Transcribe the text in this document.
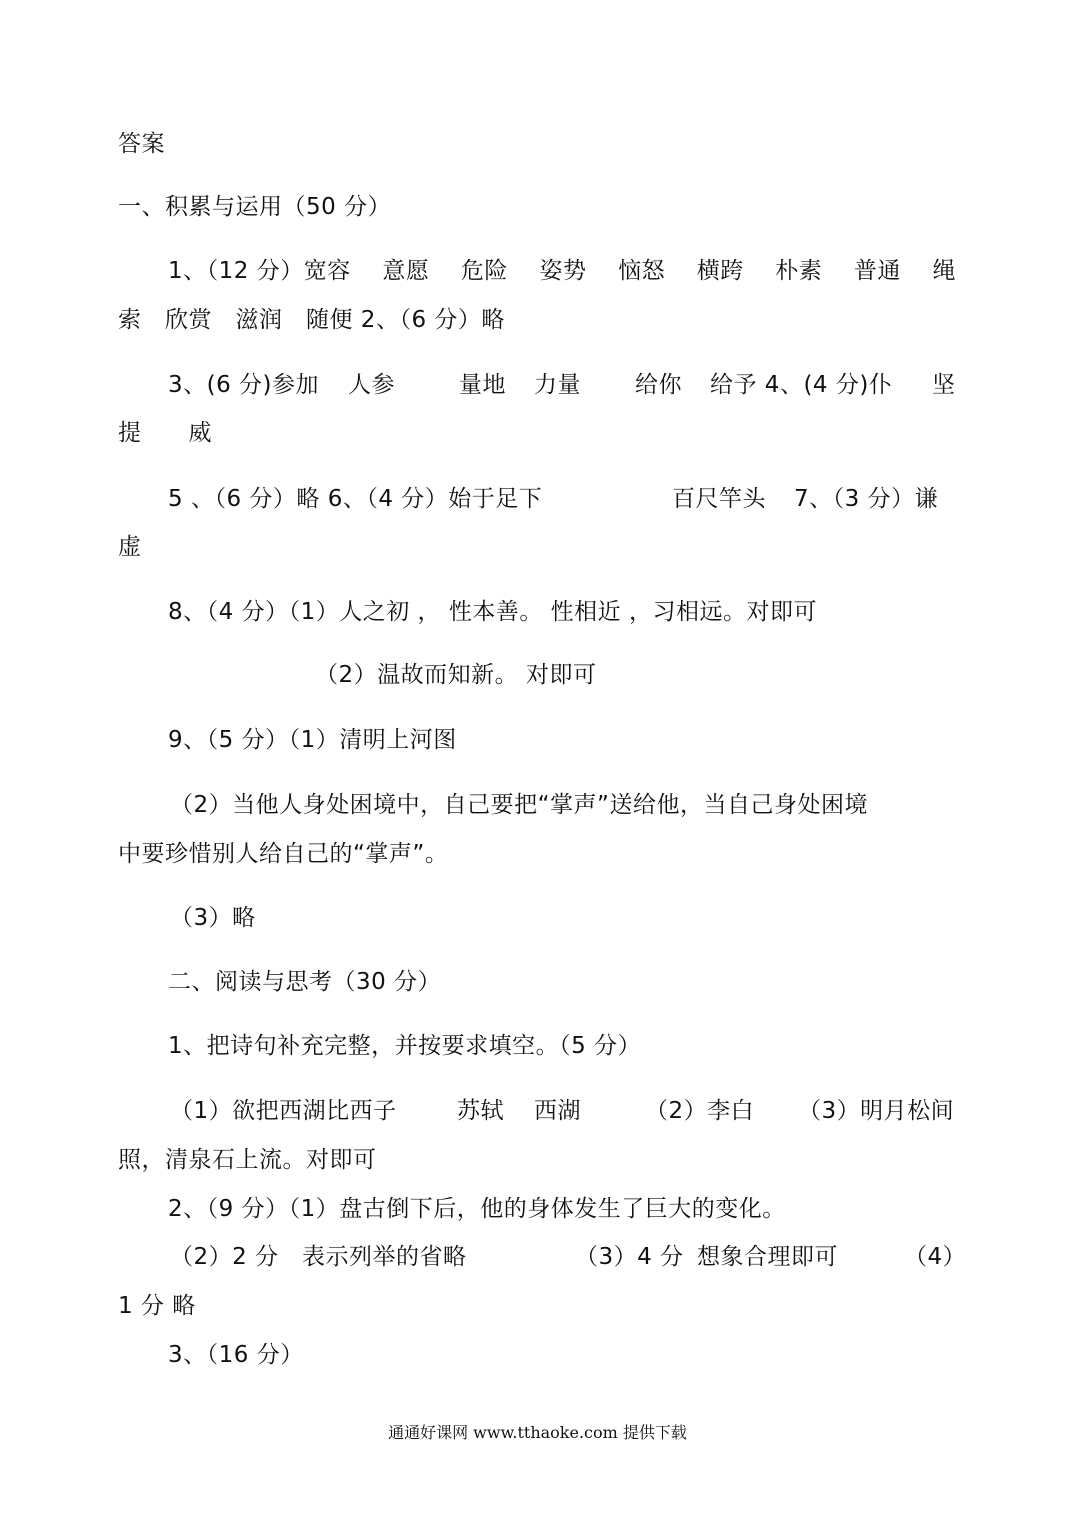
答案
一、积累与运用（50 分）
1、（12 分）宽容 意愿 危险 姿势 恼怒 横跨 朴素 普通 绳
索　欣赏　滋润　随便 2、（6 分）略
3、(6 分)参加 人参	量地 力量 给你 给予 4、(4 分)仆 坚
提　　威
5 、（6 分）略 6、（4 分）始于足下	百尺竿头 7、（3 分）谦
虚
8、（4 分）（1）人之初 ， 性本善。 性相近 ，习相远。对即可
（2）温故而知新。 对即可
9、（5 分）（1）清明上河图
（2）当他人身处困境中，自己要把“掌声”送给他，当自己身处困境
中要珍惜别人给自己的“掌声”。
（3）略
二、阅读与思考（30 分）
1、把诗句补充完整，并按要求填空。（5 分）
（1）欲把西湖比西子	苏轼 西湖	（2）李白 （3）明月松间
照，清泉石上流。对即可
2、（9 分）（1）盘古倒下后，他的身体发生了巨大的变化。
（2）2 分 表示列举的省略	（3）4 分 想象合理即可	（4）
1 分 略
3、（16 分）
通通好课网 www.tthaoke.com 提供下载
